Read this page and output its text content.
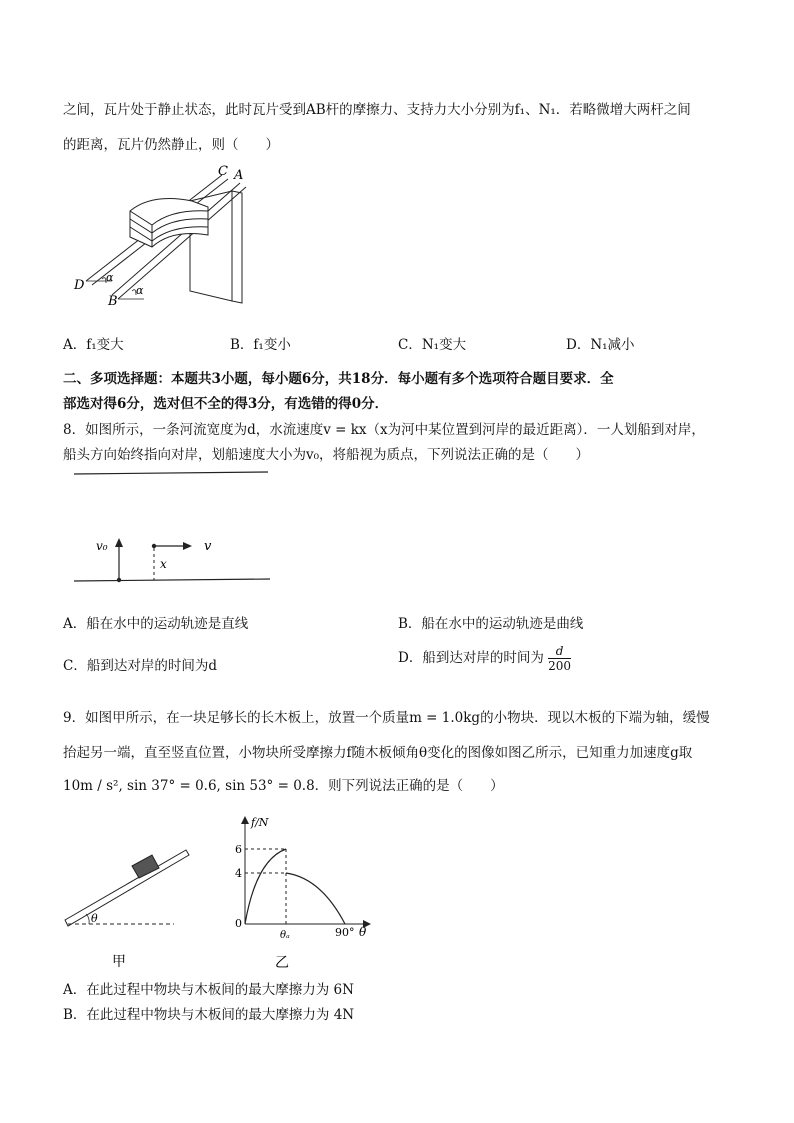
之间，瓦片处于静止状态，此时瓦片受到AB杆的摩擦力、支持力大小分别为f₁、N₁．若略微增大两杆之间
的距离，瓦片仍然静止，则（　　）
C A
D
B
α
α
A．f₁变大	B．f₁变小	C．N₁变大	D．N₁减小
二、多项选择题：本题共3小题，每小题6分，共18分．每小题有多个选项符合题目要求．全
部选对得6分，选对但不全的得3分，有选错的得0分．
8．如图所示，一条河流宽度为d，水流速度v = kx（x为河中某位置到河岸的最近距离）．一人划船到对岸，
船头方向始终指向对岸，划船速度大小为v₀，将船视为质点，下列说法正确的是（　　）
v₀	v
x
A．船在水中的运动轨迹是直线	B．船在水中的运动轨迹是曲线
C．船到达对岸的时间为d	D．船到达对岸的时间为 $\frac{d}{200}$
9．如图甲所示，在一块足够长的长木板上，放置一个质量m = 1.0kg的小物块．现以木板的下端为轴，缓慢
抬起另一端，直至竖直位置，小物块所受摩擦力f随木板倾角θ变化的图像如图乙所示，已知重力加速度g取
10m / s², sin 37° = 0.6, sin 53° = 0.8．则下列说法正确的是（　　）
θ
甲
f/N
6
4
0
θₐ	90° θ
乙
A．在此过程中物块与木板间的最大摩擦力为 6N
B．在此过程中物块与木板间的最大摩擦力为 4N
